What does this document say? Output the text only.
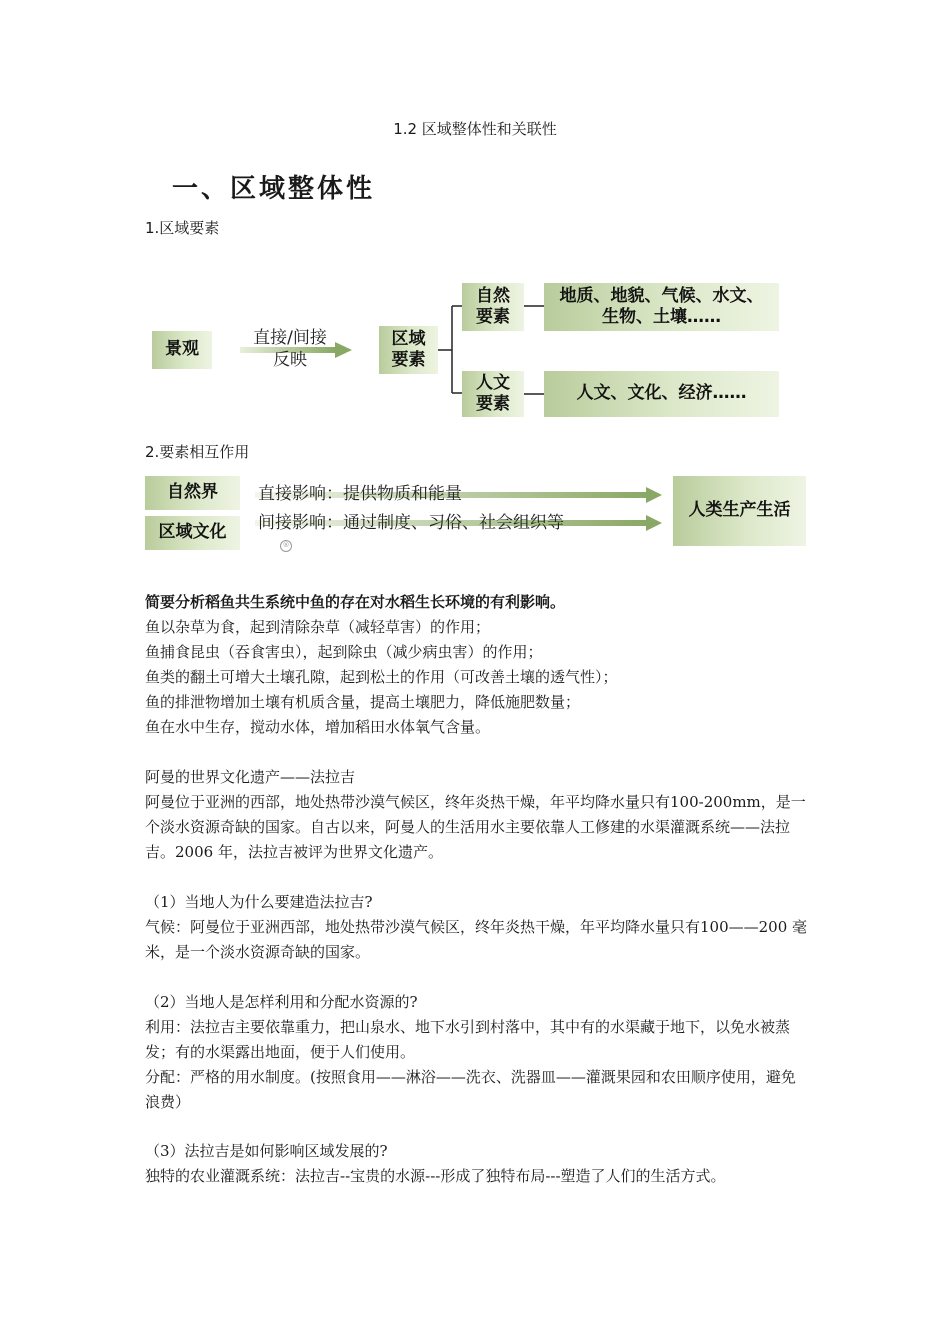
1.2 区域整体性和关联性
一、区域整体性
1.区域要素
景观
直接/间接
反映
区域
要素
自然
要素
地质、地貌、气候、水文、
生物、土壤……
人文
要素
人文、文化、经济……
2.要素相互作用
自然界
区域文化
直接影响：提供物质和能量
间接影响：通过制度、习俗、社会组织等
人类生产生活
®

简要分析稻鱼共生系统中鱼的存在对水稻生长环境的有利影响。

鱼以杂草为食，起到清除杂草（减轻草害）的作用；

鱼捕食昆虫（吞食害虫），起到除虫（减少病虫害）的作用；

鱼类的翻土可增大土壤孔隙，起到松土的作用（可改善土壤的透气性）；

鱼的排泄物增加土壤有机质含量，提高土壤肥力，降低施肥数量；

鱼在水中生存，搅动水体，增加稻田水体氧气含量。

阿曼的世界文化遗产——法拉吉

阿曼位于亚洲的西部，地处热带沙漠气候区，终年炎热干燥，年平均降水量只有100-200mm，是一个淡水资源奇缺的国家。自古以来，阿曼人的生活用水主要依靠人工修建的水渠灌溉系统——法拉吉。2006 年，法拉吉被评为世界文化遗产。

（1）当地人为什么要建造法拉吉?

气候：阿曼位于亚洲西部，地处热带沙漠气候区，终年炎热干燥，年平均降水量只有100——200 毫米，是一个淡水资源奇缺的国家。

（2）当地人是怎样利用和分配水资源的?

利用：法拉吉主要依靠重力，把山泉水、地下水引到村落中，其中有的水渠藏于地下，以免水被蒸发；有的水渠露出地面，便于人们使用。

分配：严格的用水制度。(按照食用——淋浴——洗衣、洗器皿——灌溉果园和农田顺序使用，避免浪费）

（3）法拉吉是如何影响区域发展的?

独特的农业灌溉系统：法拉吉--宝贵的水源---形成了独特布局---塑造了人们的生活方式。
